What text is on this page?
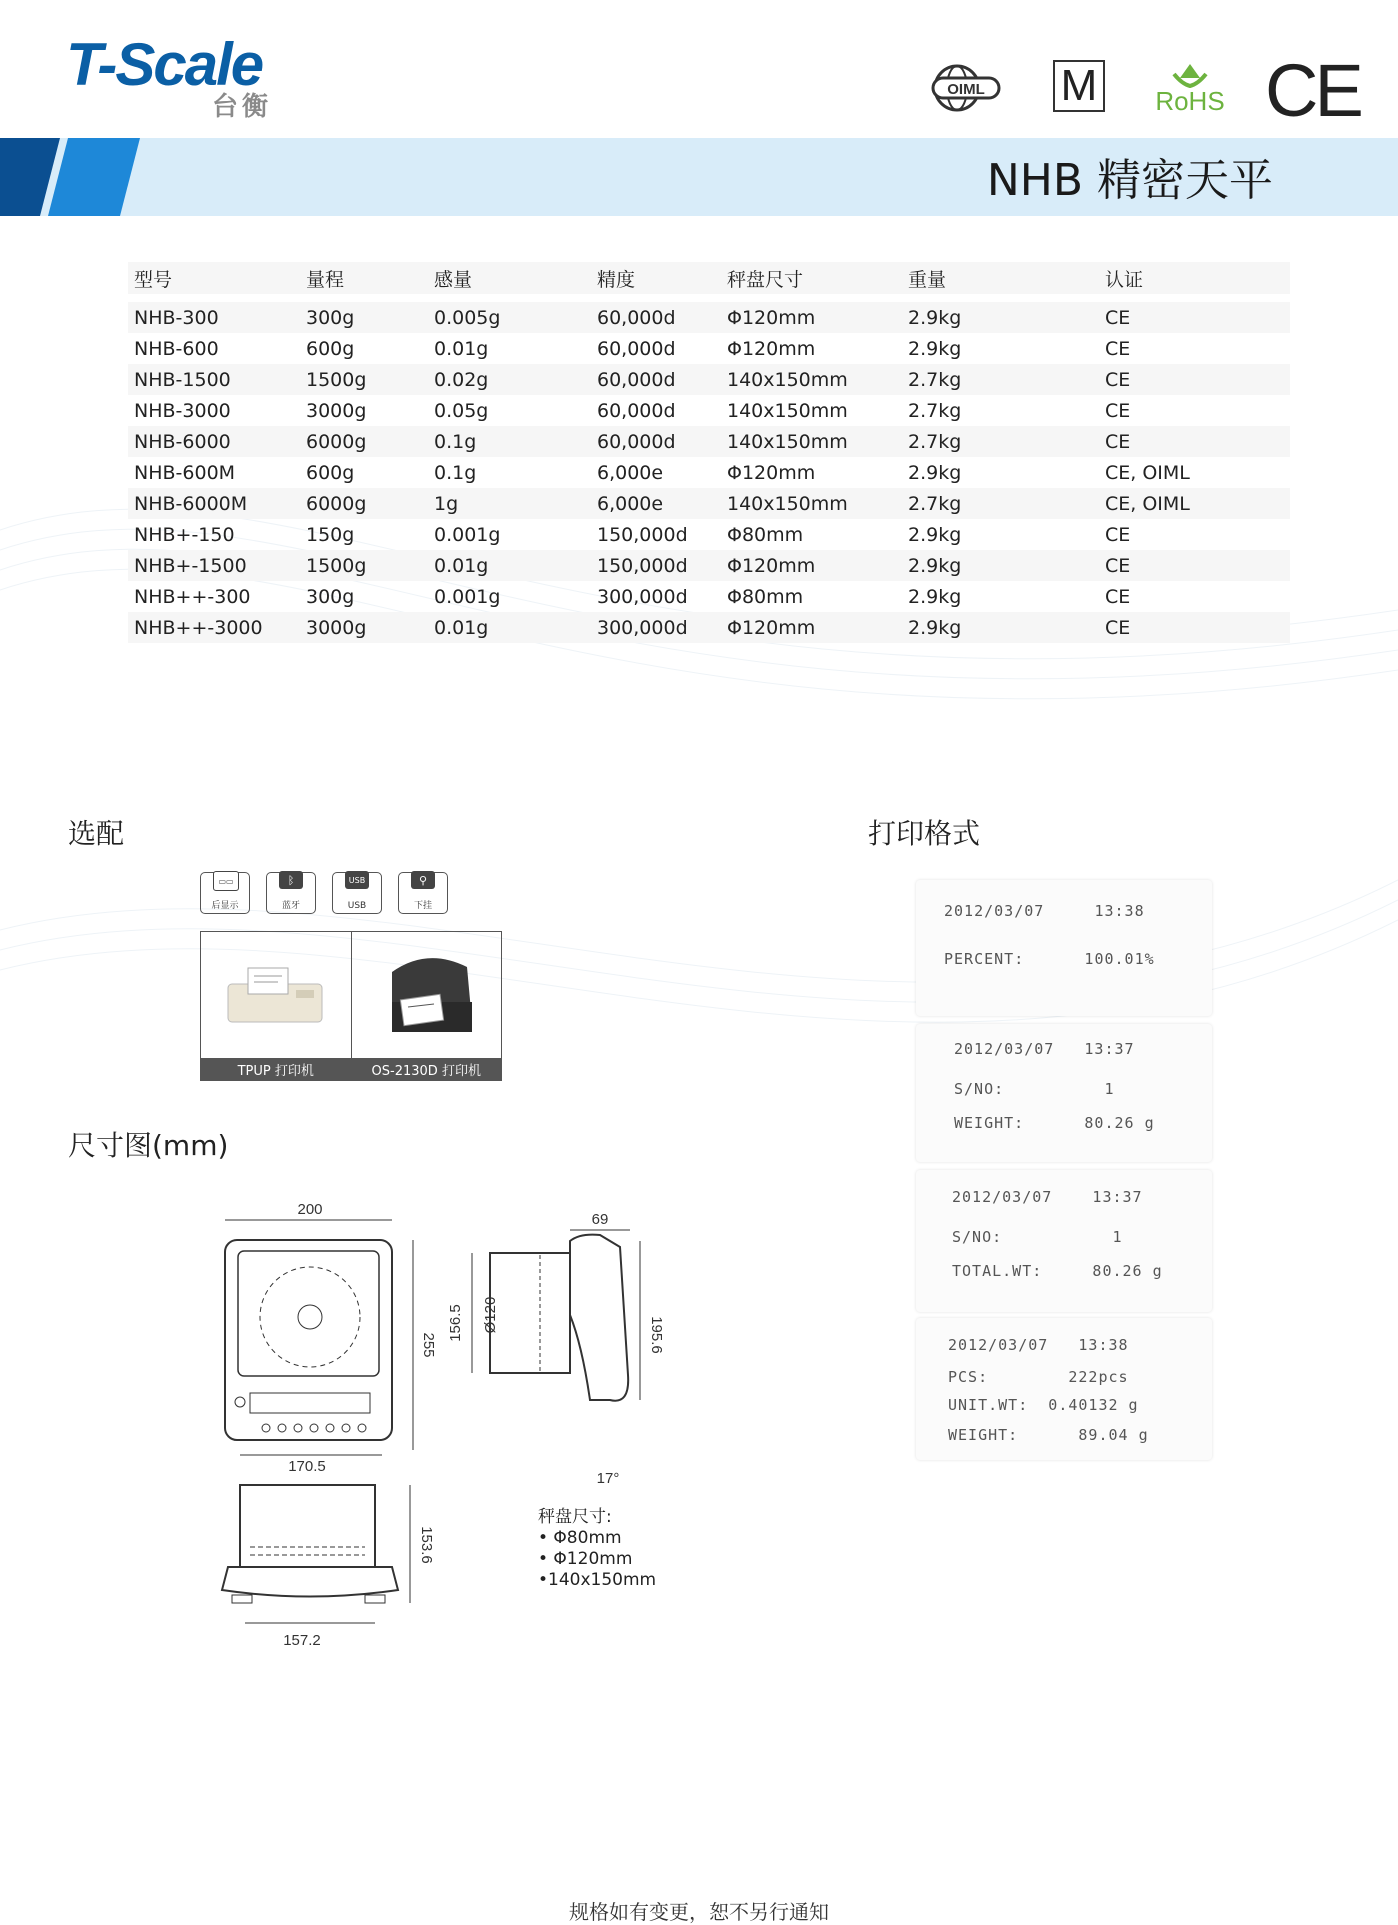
T-Scale
台衡
OIML M RoHS CE
NHB 精密天平
型号	量程	感量	精度	秤盘尺寸	重量	认证
NHB-300	300g	0.005g	60,000d	Φ120mm	2.9kg	CE
NHB-600	600g	0.01g	60,000d	Φ120mm	2.9kg	CE
NHB-1500	1500g	0.02g	60,000d	140x150mm	2.7kg	CE
NHB-3000	3000g	0.05g	60,000d	140x150mm	2.7kg	CE
NHB-6000	6000g	0.1g	60,000d	140x150mm	2.7kg	CE
NHB-600M	600g	0.1g	6,000e	Φ120mm	2.9kg	CE, OIML
NHB-6000M	6000g	1g	6,000e	140x150mm	2.7kg	CE, OIML
NHB+-150	150g	0.001g	150,000d	Φ80mm	2.9kg	CE
NHB+-1500	1500g	0.01g	150,000d	Φ120mm	2.9kg	CE
NHB++-300	300g	0.001g	300,000d	Φ80mm	2.9kg	CE
NHB++-3000	3000g	0.01g	300,000d	Φ120mm	2.9kg	CE
选配
▭▭
后显示
ᛒ
蓝牙
USB
USB
⚲
下挂
TPUP 打印机	OS-2130D 打印机
尺寸图(mm)
200
255
170.5
153.6
157.2
69
Ø120
156.5	195.6
17°
秤盘尺寸:
• Φ80mm
• Φ120mm
•140x150mm
打印格式
2012/03/07     13:38
PERCENT:      100.01%
2012/03/07   13:37
S/NO:          1
WEIGHT:      80.26 g
2012/03/07    13:37
S/NO:           1
TOTAL.WT:     80.26 g
2012/03/07   13:38
PCS:        222pcs
UNIT.WT:  0.40132 g
WEIGHT:      89.04 g
规格如有变更，恕不另行通知
